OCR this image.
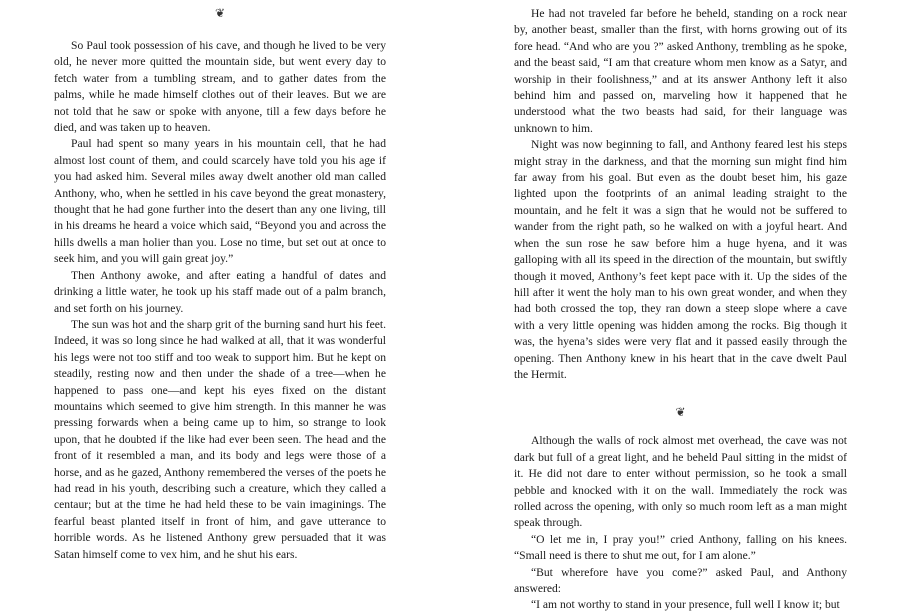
❦

So Paul took possession of his cave, and though he lived to be very old, he never more quitted the mountain side, but went every day to fetch water from a tumbling stream, and to gather dates from the palms, while he made himself clothes out of their leaves. But we are not told that he saw or spoke with anyone, till a few days before he died, and was taken up to heaven.

Paul had spent so many years in his mountain cell, that he had almost lost count of them, and could scarcely have told you his age if you had asked him. Several miles away dwelt another old man called Anthony, who, when he settled in his cave beyond the great monastery, thought that he had gone further into the desert than any one living, till in his dreams he heard a voice which said, “Beyond you and across the hills dwells a man holier than you. Lose no time, but set out at once to seek him, and you will gain great joy.”

Then Anthony awoke, and after eating a handful of dates and drinking a little water, he took up his staff made out of a palm branch, and set forth on his journey.

The sun was hot and the sharp grit of the burning sand hurt his feet. Indeed, it was so long since he had walked at all, that it was wonderful his legs were not too stiff and too weak to support him. But he kept on steadily, resting now and then under the shade of a tree—when he happened to pass one—and kept his eyes fixed on the distant mountains which seemed to give him strength. In this manner he was pressing forwards when a being came up to him, so strange to look upon, that he doubted if the like had ever been seen. The head and the front of it resembled a man, and its body and legs were those of a horse, and as he gazed, Anthony remembered the verses of the poets he had read in his youth, describing such a creature, which they called a centaur; but at the time he had held these to be vain imaginings. The fearful beast planted itself in front of him, and gave utterance to horrible words. As he listened Anthony grew persuaded that it was Satan himself come to vex him, and he shut his ears.

He had not traveled far before he beheld, standing on a rock near by, another beast, smaller than the first, with horns growing out of its fore head. “And who are you ?” asked Anthony, trembling as he spoke, and the beast said, “I am that creature whom men know as a Satyr, and worship in their foolishness,” and at its answer Anthony left it also behind him and passed on, marveling how it happened that he understood what the two beasts had said, for their language was unknown to him.

Night was now beginning to fall, and Anthony feared lest his steps might stray in the darkness, and that the morning sun might find him far away from his goal. But even as the doubt beset him, his gaze lighted upon the footprints of an animal leading straight to the mountain, and he felt it was a sign that he would not be suffered to wander from the right path, so he walked on with a joyful heart. And when the sun rose he saw before him a huge hyena, and it was galloping with all its speed in the direction of the mountain, but swiftly though it moved, Anthony’s feet kept pace with it. Up the sides of the hill after it went the holy man to his own great wonder, and when they had both crossed the top, they ran down a steep slope where a cave with a very little opening was hidden among the rocks. Big though it was, the hyena’s sides were very flat and it passed easily through the opening. Then Anthony knew in his heart that in the cave dwelt Paul the Hermit.

❦

Although the walls of rock almost met overhead, the cave was not dark but full of a great light, and he beheld Paul sitting in the midst of it. He did not dare to enter without permission, so he took a small pebble and knocked with it on the wall. Immediately the rock was rolled across the opening, with only so much room left as a man might speak through.

“O let me in, I pray you!” cried Anthony, falling on his knees. “Small need is there to shut me out, for I am alone.”

“But wherefore have you come?” asked Paul, and Anthony answered:

“I am not worthy to stand in your presence, full well I know it; but
